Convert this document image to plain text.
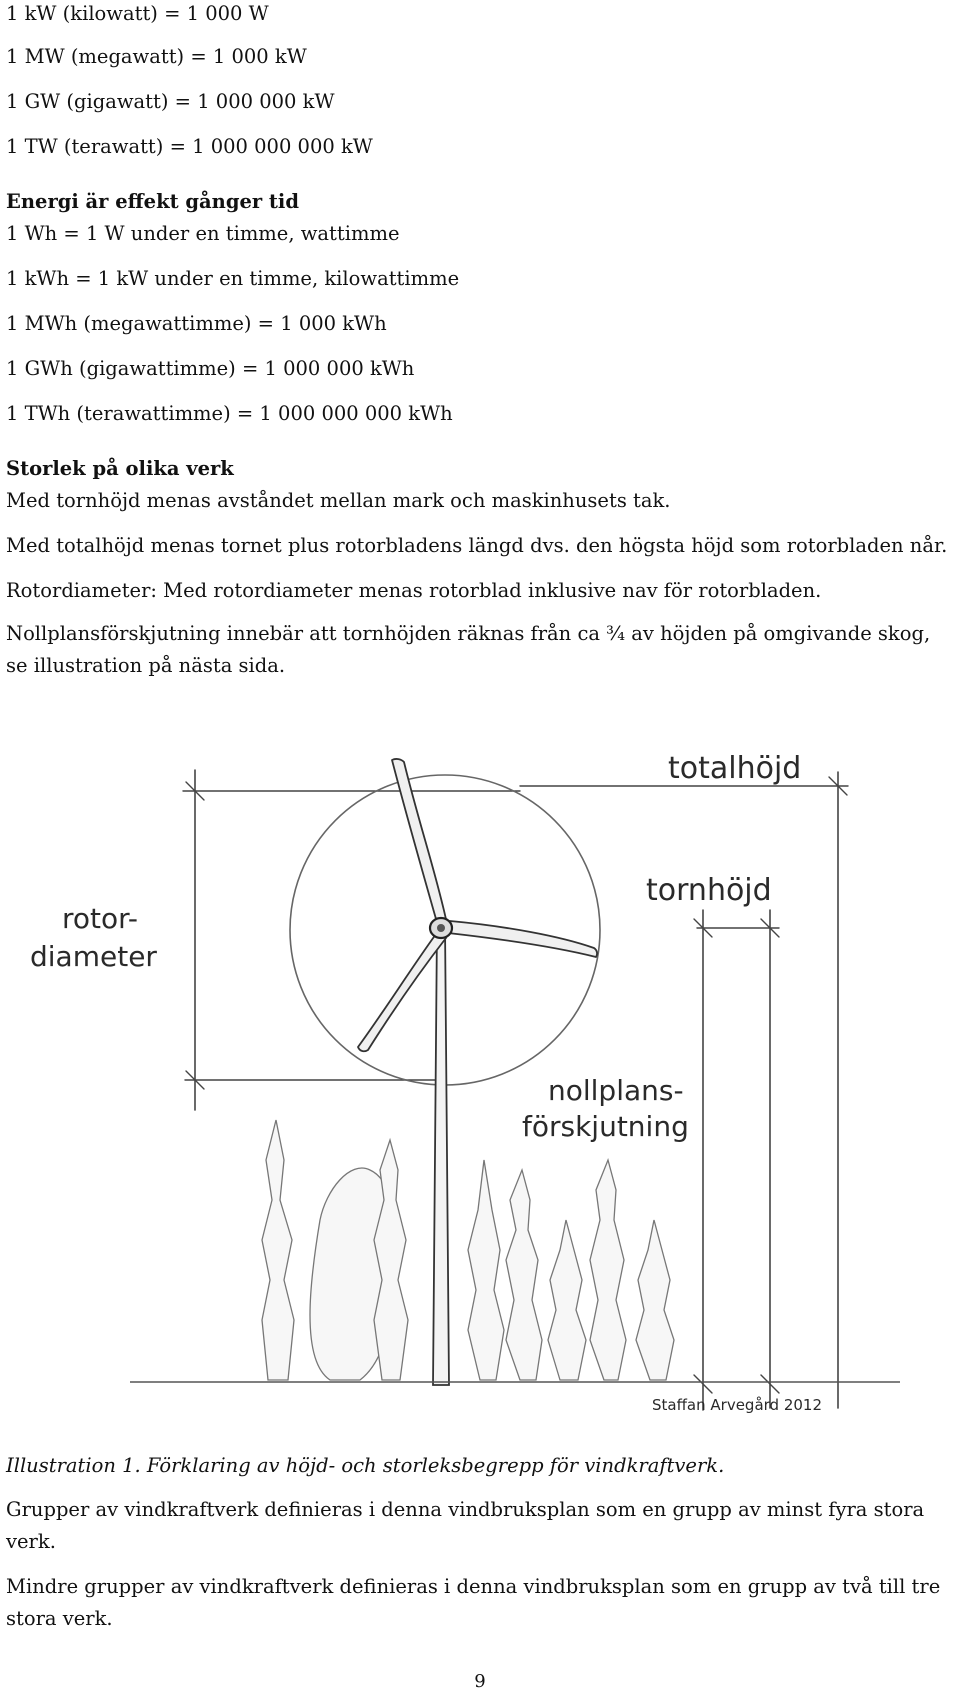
1 kW (kilowatt) = 1 000 W
1 MW (megawatt) = 1 000 kW
1 GW (gigawatt) = 1 000 000 kW
1 TW (terawatt) = 1 000 000 000 kW
Energi är effekt gånger tid
1 Wh = 1 W under en timme, wattimme
1 kWh = 1 kW under en timme, kilowattimme
1 MWh (megawattimme) = 1 000 kWh
1 GWh (gigawattimme) = 1 000 000 kWh
1 TWh (terawattimme) = 1 000 000 000 kWh
Storlek på olika verk
Med tornhöjd menas avståndet mellan mark och maskinhusets tak.
Med totalhöjd menas tornet plus rotorbladens längd dvs. den högsta höjd som rotorbladen når.
Rotordiameter: Med rotordiameter menas rotorblad inklusive nav för rotorbladen.
Nollplansförskjutning innebär att tornhöjden räknas från ca ¾ av höjden på omgivande skog, se illustration på nästa sida.
totalhöjd
tornhöjd
rotor-
diameter
nollplans-
förskjutning
Staffan Arvegård 2012
Illustration 1. Förklaring av höjd- och storleksbegrepp för vindkraftverk.
Grupper av vindkraftverk definieras i denna vindbruksplan som en grupp av minst fyra stora verk.
Mindre grupper av vindkraftverk definieras i denna vindbruksplan som en grupp av två till tre stora verk.
9
